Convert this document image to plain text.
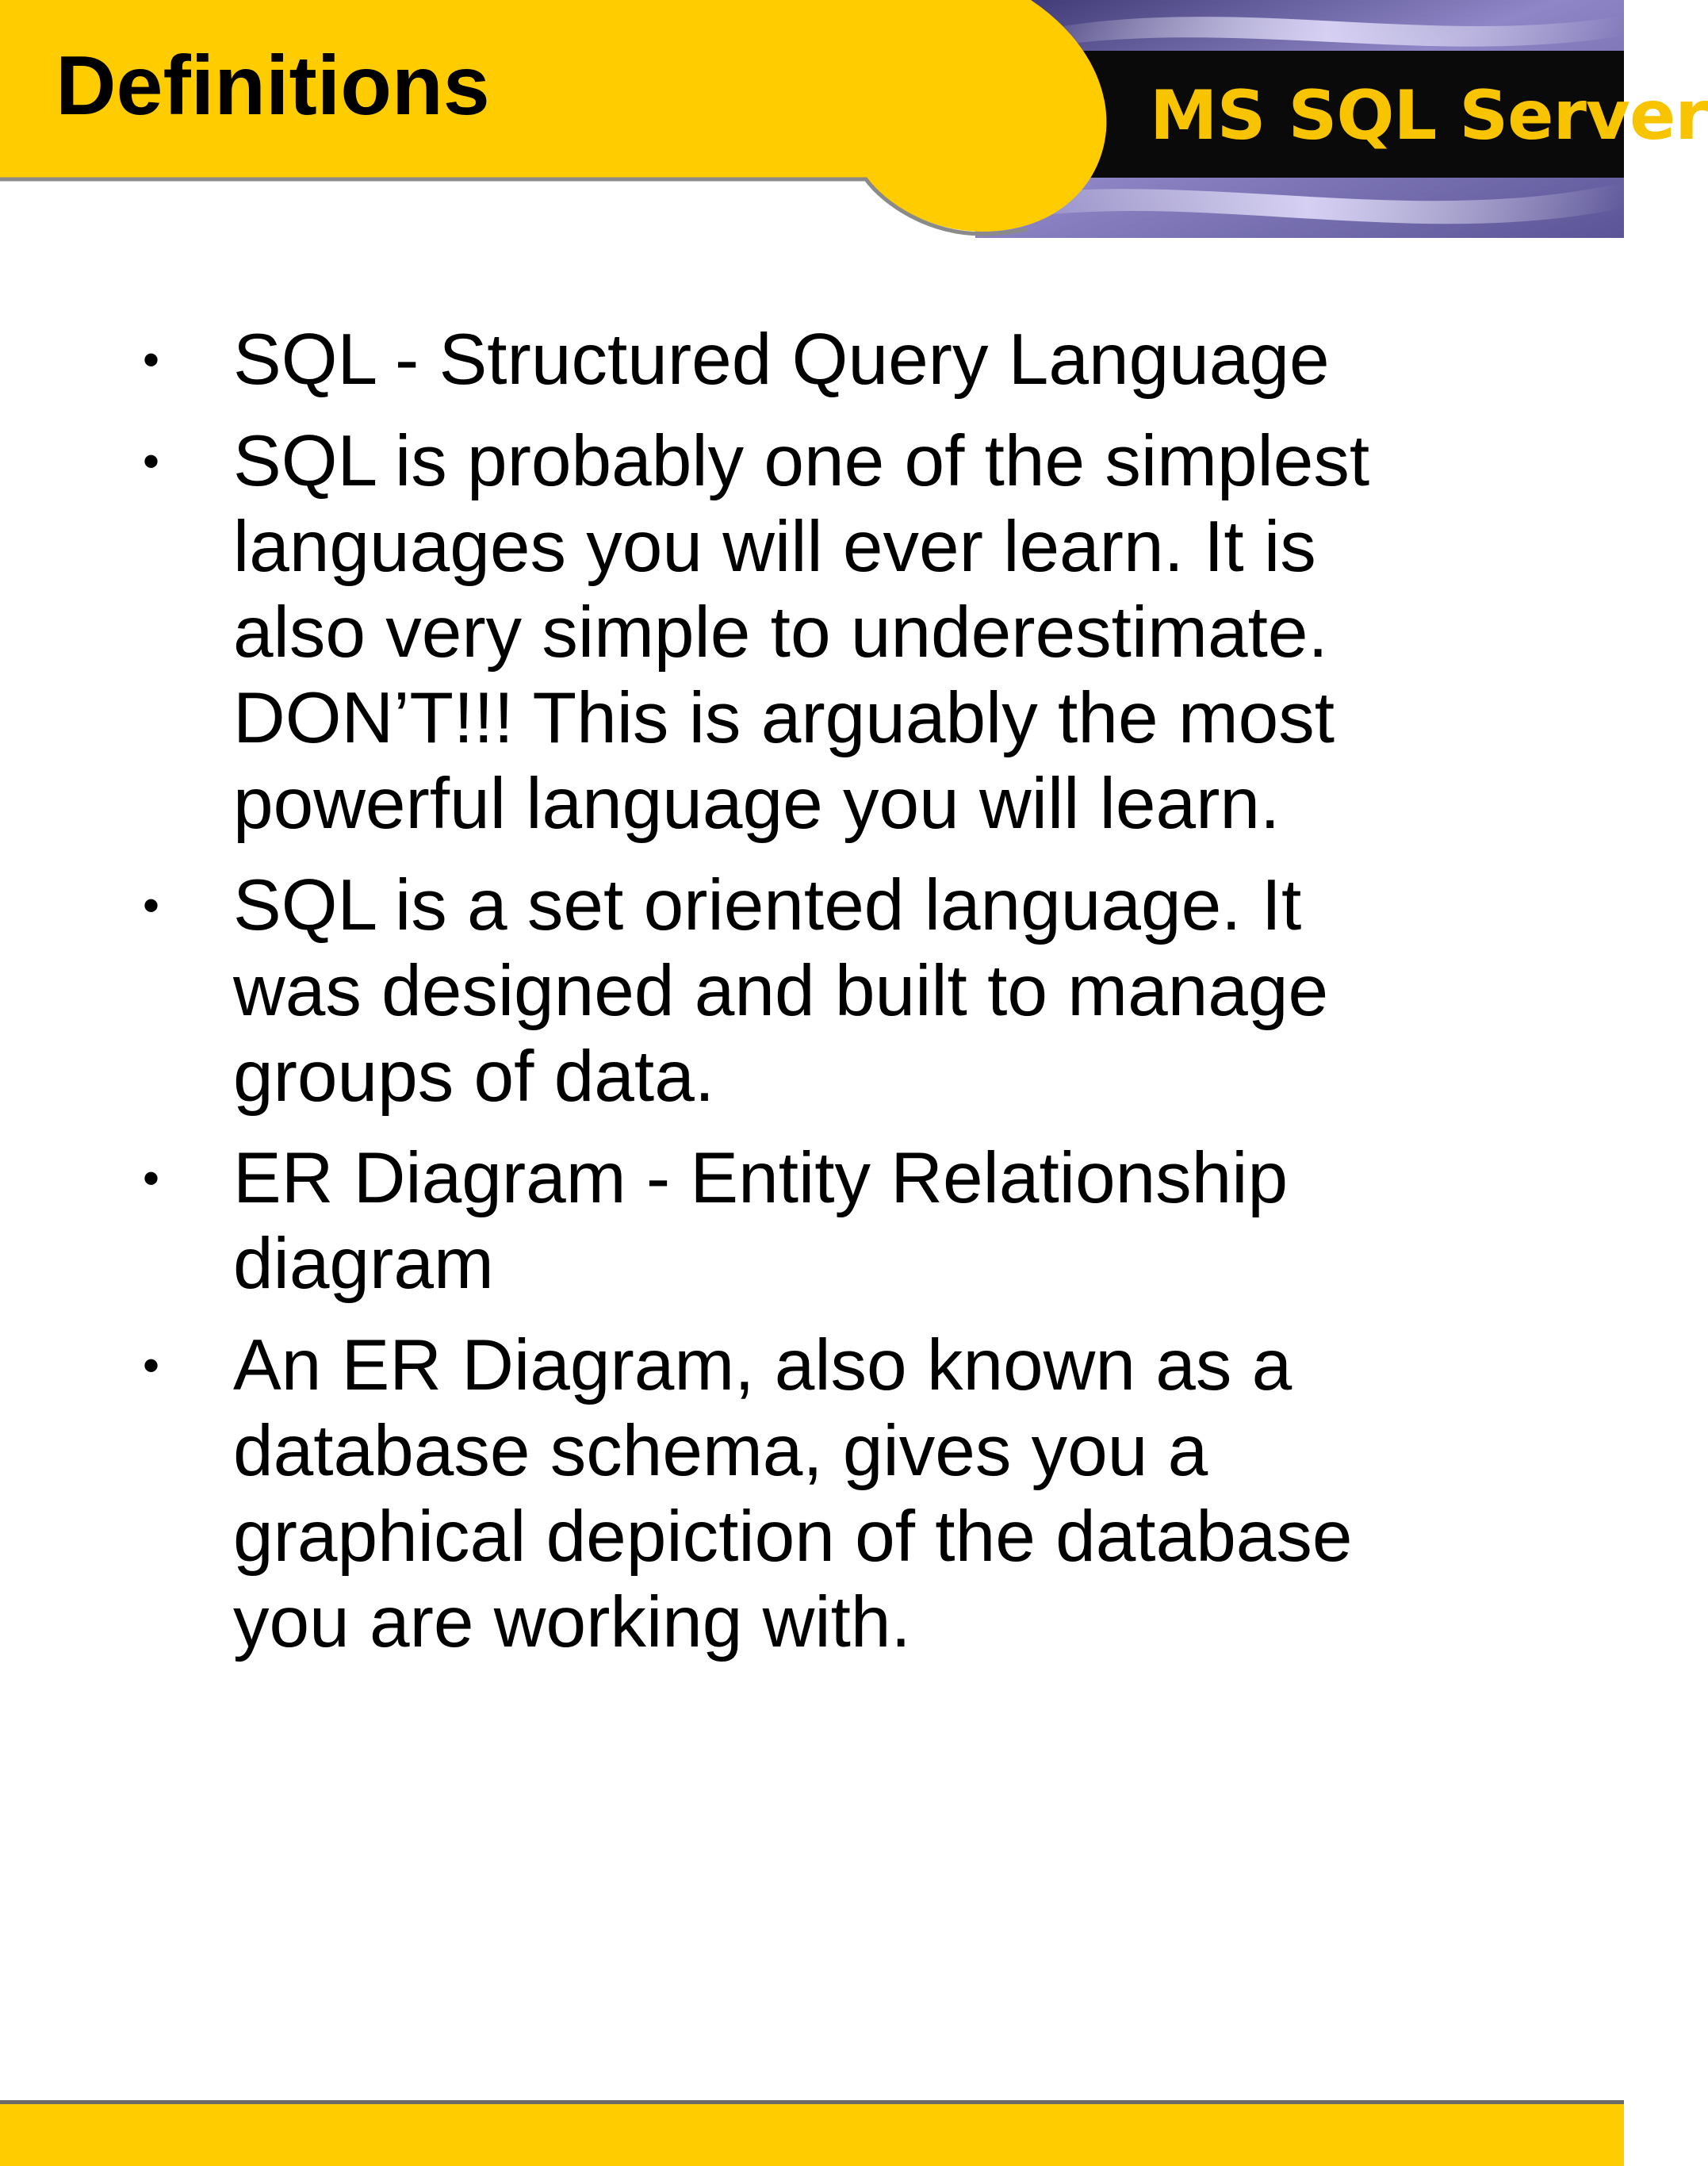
Definitions	MS SQL Server
•	SQL - Structured Query Language
•	SQL is probably one of the simplest
languages you will ever learn. It is
also very simple to underestimate.
DON’T!!! This is arguably the most
powerful language you will learn.
•	SQL is a set oriented language. It
was designed and built to manage
groups of data.
•	ER Diagram - Entity Relationship
diagram
•	An ER Diagram, also known as a
database schema, gives you a
graphical depiction of the database
you are working with.
